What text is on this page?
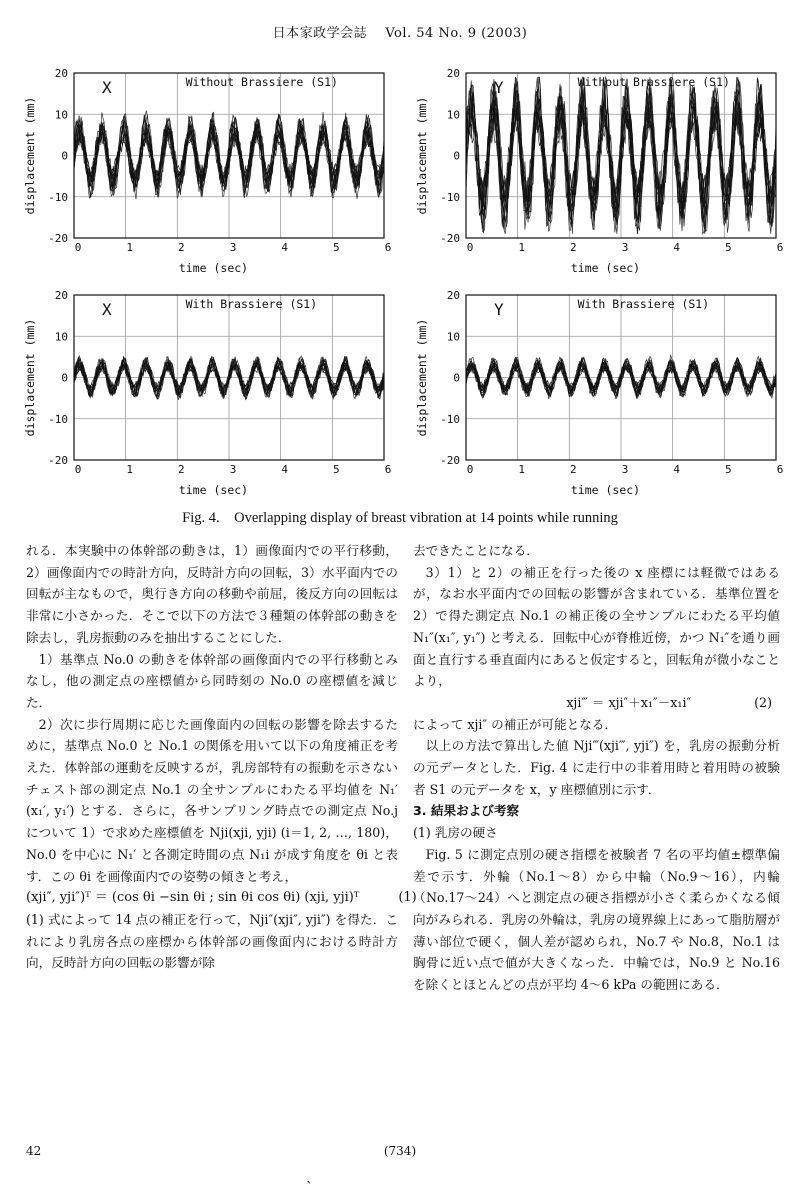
日本家政学会誌　 Vol. 54 No. 9 (2003)
20
10
0
-10
-20
0	1	2	3	4	5	6
time (sec)
displacement (mm)
X	Without Brassiere (S1)
20
10
0
-10
-20
0	1	2	3	4	5	6
time (sec)
displacement (mm)
Y	Without Brassiere (S1)
20
10
0
-10
-20
0	1	2	3	4	5	6
time (sec)
displacement (mm)
X	With Brassiere (S1)
20
10
0
-10
-20
0	1	2	3	4	5	6
time (sec)
displacement (mm)
Y	With Brassiere (S1)
Fig. 4.　Overlapping display of breast vibration at 14 points while running

れる．本実験中の体幹部の動きは，1）画像面内での平行移動，2）画像面内での時計方向，反時計方向の回転，3）水平面内での回転が主なもので，奥行き方向の移動や前屈，後反方向の回転は非常に小さかった．そこで以下の方法で３種類の体幹部の動きを除去し，乳房振動のみを抽出することにした．

1）基準点 No.0 の動きを体幹部の画像面内での平行移動とみなし，他の測定点の座標値から同時刻の No.0 の座標値を減じた．

2）次に歩行周期に応じた画像面内の回転の影響を除去するために，基準点 No.0 と No.1 の関係を用いて以下の角度補正を考えた．体幹部の運動を反映するが，乳房部特有の振動を示さないチェスト部の測定点 No.1 の全サンプルにわたる平均値を N₁′(x₁′, y₁′) とする．さらに，各サンプリング時点での測定点 No.j について 1）で求めた座標値を Nji(xji, yji) (i＝1, 2, …, 180)，No.0 を中心に N₁′ と各測定時間の点 N₁i が成す角度を θi と表す．この θi を画像面内での姿勢の傾きと考え，

(xji″, yji″)ᵀ ＝ (cos θi −sin θi ; sin θi cos θi) (xji, yji)ᵀ　　　(1)

(1) 式によって 14 点の補正を行って，Nji″(xji″, yji″) を得た．これにより乳房各点の座標から体幹部の画像面内における時計方向，反時計方向の回転の影響が除

去できたことになる．

3）1）と 2）の補正を行った後の x 座標には軽微ではあるが，なお水平面内での回転の影響が含まれている．基準位置を 2）で得た測定点 No.1 の補正後の全サンプルにわたる平均値 N₁″(x₁″, y₁″) と考える．回転中心が脊椎近傍，かつ N₁″を通り画面と直行する垂直面内にあると仮定すると，回転角が微小なことより，

xji‴ ＝ xji″＋x₁″－x₁i″　　　　　(2)

によって xji″ の補正が可能となる．

以上の方法で算出した値 Nji‴(xji‴, yji″) を，乳房の振動分析の元データとした．Fig. 4 に走行中の非着用時と着用時の被験者 S1 の元データを x，y 座標値別に示す．

3. 結果および考察

(1) 乳房の硬さ

Fig. 5 に測定点別の硬さ指標を被験者 7 名の平均値±標準偏差で示す．外輪（No.1〜8）から中輪（No.9〜16），内輪（No.17〜24）へと測定点の硬さ指標が小さく柔らかくなる傾向がみられる．乳房の外輪は，乳房の境界線上にあって脂肪層が薄い部位で硬く，個人差が認められ，No.7 や No.8，No.1 は胸骨に近い点で値が大きくなった．中輪では，No.9 と No.16 を除くとほとんどの点が平均 4〜6 kPa の範囲にある．

42	(734)
ˋ
